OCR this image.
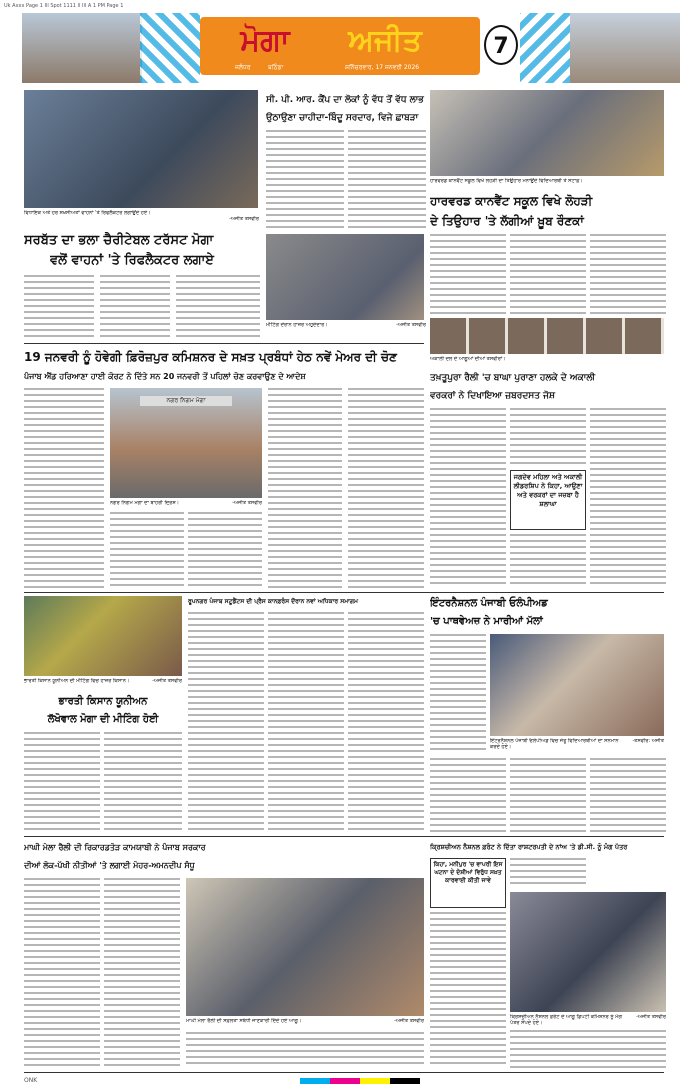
Uk Axxx Page 1 Ill Spot 1111 ll Ill A 1 PM Page 1
ਮੋਗਾ	ਅਜੀਤ
ਜਲੰਧਰ	ਬਠਿੰਡਾ	ਸ਼ਨਿੱਚਰਵਾਰ, 17 ਜਨਵਰੀ 2026
7
ਵਿਧਾਇਕ ਅਤੇ ਹੋਰ ਸ਼ਖ਼ਸੀਅਤਾਂ ਵਾਹਨਾਂ 'ਤੇ ਰਿਫਲੈਕਟਰ ਲਗਾਉਂਦੇ ਹੋਏ।
-ਅਜੀਤ ਤਸਵੀਰ
ਸਰਬੱਤ ਦਾ ਭਲਾ ਚੈਰੀਟੇਬਲ ਟਰੱਸਟ ਮੋਗਾ
ਵਲੋਂ ਵਾਹਨਾਂ 'ਤੇ ਰਿਫਲੈਕਟਰ ਲਗਾਏ
ਸੀ. ਪੀ. ਆਰ. ਕੈਂਪ ਦਾ ਲੋਕਾਂ ਨੂੰ ਵੱਧ ਤੋਂ ਵੱਧ ਲਾਭ
ਉਠਾਉਣਾ ਚਾਹੀਦਾ-ਬਿੰਦੂ ਸਰਦਾਰ, ਵਿਜੇ ਛਾਬੜਾ
ਮੀਟਿੰਗ ਦੌਰਾਨ ਹਾਜ਼ਰ ਅਹੁਦੇਦਾਰ।	-ਅਜੀਤ ਤਸਵੀਰ
ਹਾਰਵਰਡ ਕਾਨਵੈਂਟ ਸਕੂਲ ਵਿਖੇ ਲੋਹੜੀ ਦਾ ਤਿਉਹਾਰ ਮਨਾਉਂਦੇ ਵਿਦਿਆਰਥੀ ਤੇ ਸਟਾਫ਼।
ਹਾਰਵਰਡ ਕਾਨਵੈਂਟ ਸਕੂਲ ਵਿਖੇ ਲੋਹੜੀ
ਦੇ ਤਿਉਹਾਰ 'ਤੇ ਲੱਗੀਆਂ ਖ਼ੂਬ ਰੌਣਕਾਂ
ਅਕਾਲੀ ਦਲ ਦੇ ਆਗੂਆਂ ਦੀਆਂ ਤਸਵੀਰਾਂ।
19 ਜਨਵਰੀ ਨੂੰ ਹੋਵੇਗੀ ਫ਼ਿਰੋਜ਼ਪੁਰ ਕਮਿਸ਼ਨਰ ਦੇ ਸਖ਼ਤ ਪ੍ਰਬੰਧਾਂ ਹੇਠ ਨਵੇਂ ਮੇਅਰ ਦੀ ਚੋਣ
ਪੰਜਾਬ ਐਂਡ ਹਰਿਆਣਾ ਹਾਈ ਕੋਰਟ ਨੇ ਦਿੱਤੇ ਸਨ 20 ਜਨਵਰੀ ਤੋਂ ਪਹਿਲਾਂ ਚੋਣ ਕਰਵਾਉਣ ਦੇ ਆਦੇਸ਼
ਨਗਰ ਨਿਗਮ ਮੋਗਾ
ਨਗਰ ਨਿਗਮ ਮੋਗਾ ਦਾ ਬਾਹਰੀ ਦ੍ਰਿਸ਼।	-ਅਜੀਤ ਤਸਵੀਰ
ਤਖ਼ਤੂਪੁਰਾ ਰੈਲੀ 'ਚ ਬਾਘਾ ਪੁਰਾਣਾ ਹਲਕੇ ਦੇ ਅਕਾਲੀ
ਵਰਕਰਾਂ ਨੇ ਦਿਖਾਇਆ ਜ਼ਬਰਦਸਤ ਜੋਸ਼
ਜਗਦੇਵ ਮਹਿਲਾ ਅਤੇ ਅਕਾਲੀ ਲੀਡਰਸ਼ਿਪ ਨੇ ਕਿਹਾ, ਆਉਣਾ ਅਤੇ ਵਰਕਰਾਂ ਦਾ ਜਜ਼ਬਾ ਹੈ ਸ਼ਲਾਘਾ
ਭਾਰਤੀ ਕਿਸਾਨ ਯੂਨੀਅਨ ਦੀ ਮੀਟਿੰਗ ਵਿਚ ਹਾਜ਼ਰ ਕਿਸਾਨ।	-ਅਜੀਤ ਤਸਵੀਰ
ਭਾਰਤੀ ਕਿਸਾਨ ਯੂਨੀਅਨ
ਲੱਖੋਵਾਲ ਮੋਗਾ ਦੀ ਮੀਟਿੰਗ ਹੋਈ
ਰੂਪਨਗਰ ਪੰਜਾਬ ਸਟੂਡੈਂਟਸ ਦੀ ਪ੍ਰੈਸ ਕਾਨਫ਼ਰੰਸ ਦੌਰਾਨ ਨਵਾਂ ਅਧਿਕਾਰ ਸਮਾਗਮ	ਇੰਟਰਨੈਸ਼ਨਲ ਪੰਜਾਬੀ ਓਲੰਪੀਅਡ
'ਚ ਪਾਥਵੇਅਜ਼ ਨੇ ਮਾਰੀਆਂ ਮੱਲਾਂ
ਇੰਟਰਨੈਸ਼ਨਲ ਪੰਜਾਬੀ ਓਲੰਪੀਅਡ ਵਿਚ ਜੇਤੂ ਵਿਦਿਆਰਥੀਆਂ ਦਾ ਸਨਮਾਨ ਕਰਦੇ ਹੋਏ।
-ਤਸਵੀਰ: ਅਜੀਤ
ਮਾਘੀ ਮੇਲਾ ਰੈਲੀ ਦੀ ਰਿਕਾਰਡਤੋੜ ਕਾਮਯਾਬੀ ਨੇ ਪੰਜਾਬ ਸਰਕਾਰ
ਦੀਆਂ ਲੋਕ-ਪੱਖੀ ਨੀਤੀਆਂ 'ਤੇ ਲਗਾਈ ਮੋਹਰ-ਅਮਨਦੀਪ ਸੰਧੂ
ਮਾਘੀ ਮੇਲਾ ਰੈਲੀ ਦੀ ਸਫ਼ਲਤਾ ਸਬੰਧੀ ਜਾਣਕਾਰੀ ਦਿੰਦੇ ਹੋਏ ਆਗੂ।	-ਅਜੀਤ ਤਸਵੀਰ
ਕ੍ਰਿਸ਼ਚੀਅਨ ਨੈਸ਼ਨਲ ਫ਼ਰੰਟ ਨੇ ਦਿੱਤਾ ਰਾਸ਼ਟਰਪਤੀ ਦੇ ਨਾਂਅ 'ਤੇ ਡੀ.ਸੀ. ਨੂੰ ਮੰਗ ਪੱਤਰ
ਕਿਹਾ, ਮਨੀਪੁਰ 'ਚ ਵਾਪਰੀ ਇਸ ਘਟਨਾ ਦੇ ਦੋਸ਼ੀਆਂ ਵਿਰੁੱਧ ਸਖ਼ਤ ਕਾਰਵਾਈ ਕੀਤੀ ਜਾਵੇ
ਕ੍ਰਿਸ਼ਚੀਅਨ ਨੈਸ਼ਨਲ ਫ਼ਰੰਟ ਦੇ ਆਗੂ ਡਿਪਟੀ ਕਮਿਸ਼ਨਰ ਨੂੰ ਮੰਗ ਪੱਤਰ ਸੌਂਪਦੇ ਹੋਏ।
-ਅਜੀਤ ਤਸਵੀਰ
ONK
